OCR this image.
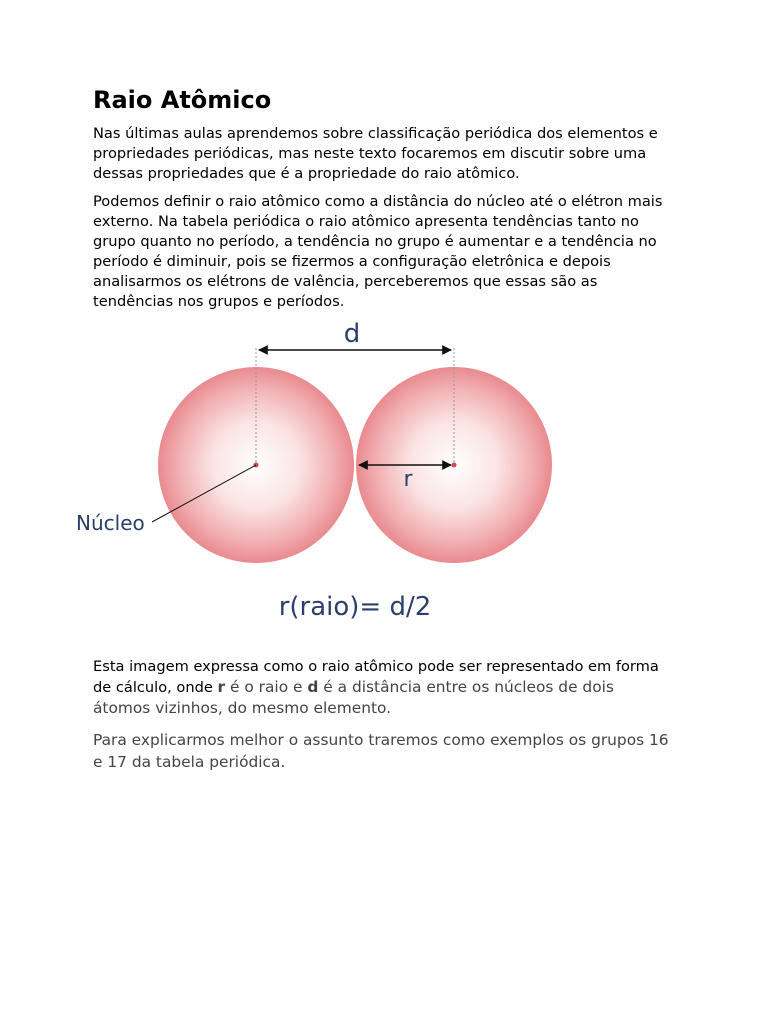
Raio Atômico

Nas últimas aulas aprendemos sobre classificação periódica dos elementos e propriedades periódicas, mas neste texto focaremos em discutir sobre uma dessas propriedades que é a propriedade do raio atômico.

Podemos definir o raio atômico como a distância do núcleo até o elétron mais externo. Na tabela periódica o raio atômico apresenta tendências tanto no grupo quanto no período, a tendência no grupo é aumentar e a tendência no período é diminuir, pois se fizermos a configuração eletrônica e depois analisarmos os elétrons de valência, perceberemos que essas são as tendências nos grupos e períodos.

d
r
Núcleo
r(raio)= d/2

Esta imagem expressa como o raio atômico pode ser representado em forma de cálculo, onde r é o raio e d é a distância entre os núcleos de dois átomos vizinhos, do mesmo elemento.

Para explicarmos melhor o assunto traremos como exemplos os grupos 16 e 17 da tabela periódica.
